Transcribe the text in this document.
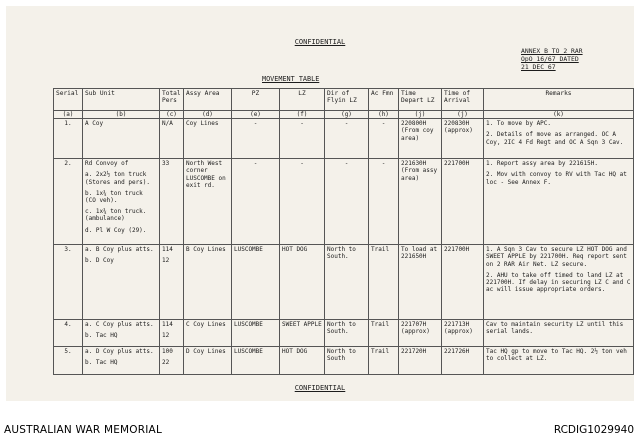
CONFIDENTIAL
ANNEX B TO 2 RAR
OpO 16/67 DATED
21 DEC 67
MOVEMENT TABLE
Serial	Sub Unit	Total Pers	Assy Area	PZ	LZ	Dir of Flyin LZ	Ac Fmn	Time Depart LZ	Time of Arrival	Remarks
(a)	(b)	(c)	(d)	(e)	(f)	(g)	(h)	(j)	(j)	(k)
1.	A Coy	N/A	Coy Lines	-	-	-	-	220800H (From coy area)	220830H (approx)	1. To move by APC.
2. Details of move as arranged. OC A Coy, 2IC 4 Fd Regt and OC A Sqn 3 Cav.

2.	Rd Convoy of
a. 2x2½ ton truck (Stores and pers).
b. 1x¾ ton truck (CO veh).
c. 1x¾ ton truck. (ambulance)
d. Pl W Coy (29).	33	North West corner LUSCOMBE on exit rd.	-	-	-	-	221630H (From assy area)	221700H	1. Report assy area by 221615H.
2. Mov with convoy to RV with Tac HQ at loc - See Annex F.

3.	a. B Coy plus atts.
b. D Coy	114
12	B Coy Lines	LUSCOMBE	HOT DOG	North to South.	Trail	To load at 221650H	221700H	1. A Sqn 3 Cav to secure LZ HOT DOG and SWEET APPLE by 221700H. Req report sent on 2 RAR Air Net. LZ secure.
2. AHU to take off timed to land LZ at 221700H. If delay in securing LZ C and C ac will issue appropriate orders.

4.	a. C Coy plus atts.
b. Tac HQ	114
12	C Coy Lines	LUSCOMBE	SWEET APPLE	North to South.	Trail	221707H (approx)	221713H (approx)	Cav to maintain security LZ until this serial lands.

5.	a. D Coy plus atts.
b. Tac HQ	100
22	D Coy Lines	LUSCOMBE	HOT DOG	North to South	Trail	221720H	221726H	Tac HQ gp to move to Tac HQ. 2½ ton veh to collect at LZ.
CONFIDENTIAL
AUSTRALIAN WAR MEMORIAL	RCDIG1029940
